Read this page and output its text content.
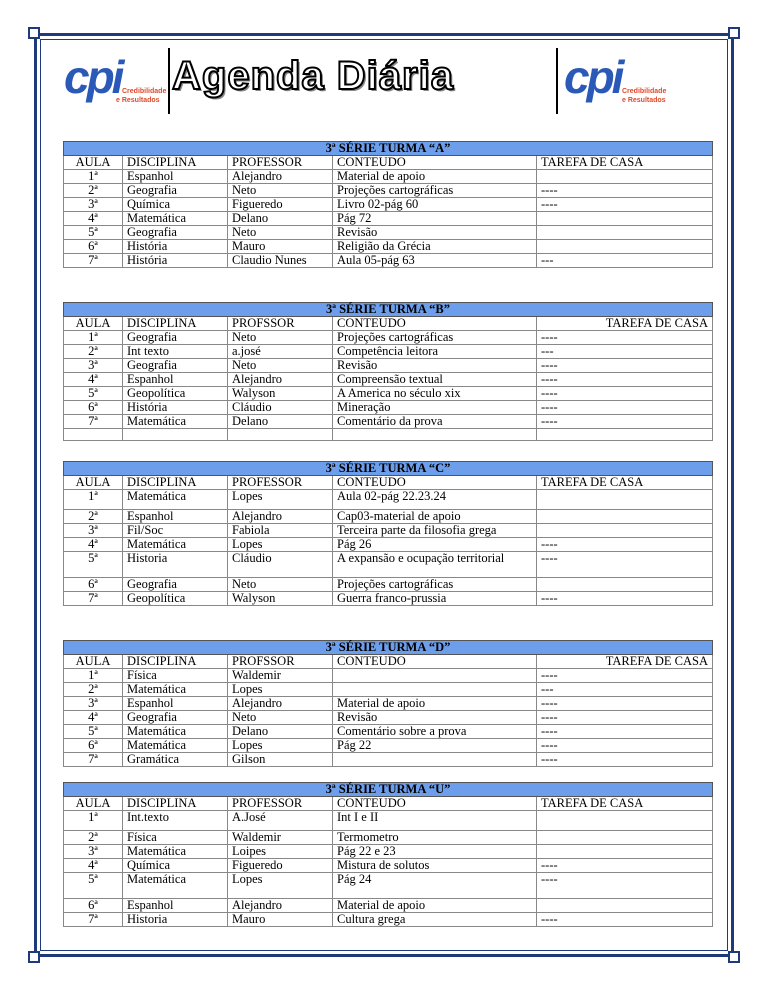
cpi Credibilidade
e Resultados
Agenda Diária cpi Credibilidade
e Resultados
3ª SÉRIE TURMA “A”				
AULA	DISCIPLINA	PROFESSOR	CONTEUDO	TAREFA DE CASA
1ª	Espanhol	Alejandro	Material de apoio	
2ª	Geografia	Neto	Projeções cartográficas	----
3ª	Química	Figueredo	Livro 02-pág 60	----
4ª	Matemática	Delano	Pág 72	
5ª	Geografia	Neto	Revisão	
6ª	História	Mauro	Religião da Grécia	
7ª	História	Claudio Nunes	Aula 05-pág 63	---
3ª SÉRIE TURMA “B”				
AULA	DISCIPLINA	PROFSSOR	CONTEUDO	TAREFA DE CASA
1ª	Geografia	Neto	Projeções cartográficas	----
2ª	Int texto	a.josé	Competência leitora	---
3ª	Geografia	Neto	Revisão	----
4ª	Espanhol	Alejandro	Compreensão textual	----
5ª	Geopolítica	Walyson	A America no século xix	----
6ª	História	Cláudio	Mineração	----
7ª	Matemática	Delano	Comentário da prova	----

3ª SÉRIE TURMA “C”				
AULA	DISCIPLINA	PROFESSOR	CONTEUDO	TAREFA DE CASA
1ª	Matemática	Lopes	Aula 02-pág 22.23.24	
2ª	Espanhol	Alejandro	Cap03-material de apoio	
3ª	Fil/Soc	Fabiola	Terceira parte da filosofia grega	
4ª	Matemática	Lopes	Pág 26	----
5ª	Historia	Cláudio	A expansão e ocupação territorial	----
6ª	Geografia	Neto	Projeções cartográficas	
7ª	Geopolítica	Walyson	Guerra franco-prussia	----
3ª SÉRIE TURMA “D”				
AULA	DISCIPLINA	PROFSSOR	CONTEUDO	TAREFA DE CASA
1ª	Física	Waldemir		----
2ª	Matemática	Lopes		---
3ª	Espanhol	Alejandro	Material de apoio	----
4ª	Geografia	Neto	Revisão	----
5ª	Matemática	Delano	Comentário sobre a prova	----
6ª	Matemática	Lopes	Pág 22	----
7ª	Gramática	Gilson		----
3ª SÉRIE TURMA “U”				
AULA	DISCIPLINA	PROFESSOR	CONTEUDO	TAREFA DE CASA
1ª	Int.texto	A.José	Int I e II	
2ª	Física	Waldemir	Termometro	
3ª	Matemática	Loipes	Pág 22 e 23	
4ª	Química	Figueredo	Mistura de solutos	----
5ª	Matemática	Lopes	Pág 24	----
6ª	Espanhol	Alejandro	Material de apoio	
7ª	Historia	Mauro	Cultura grega	----
